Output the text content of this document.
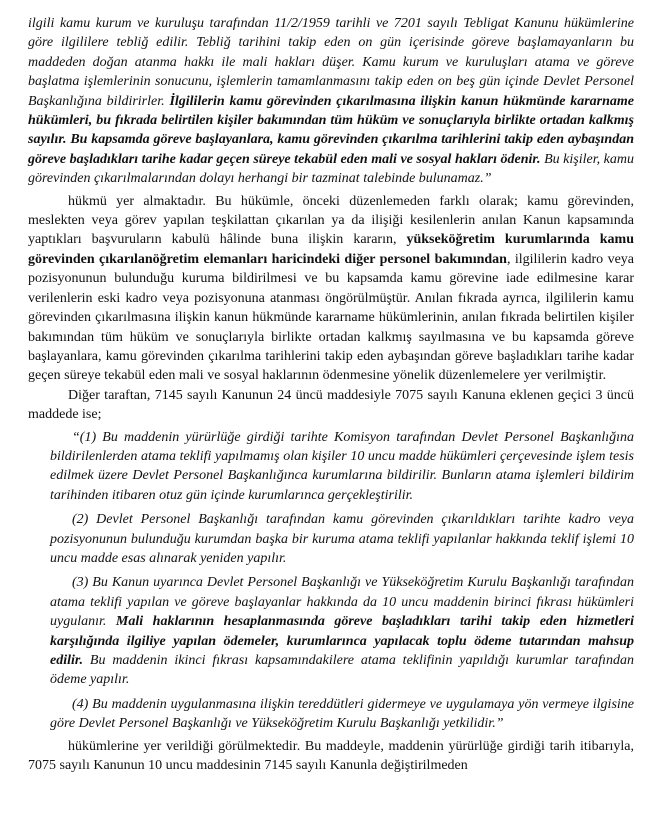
ilgili kamu kurum ve kuruluşu tarafından 11/2/1959 tarihli ve 7201 sayılı Tebligat Kanunu hükümlerine göre ilgililere tebliğ edilir. Tebliğ tarihini takip eden on gün içerisinde göreve başlamayanların bu maddeden doğan atanma hakkı ile mali hakları düşer. Kamu kurum ve kuruluşları atama ve göreve başlatma işlemlerinin sonucunu, işlemlerin tamamlanmasını takip eden on beş gün içinde Devlet Personel Başkanlığına bildirirler. İlgililerin kamu görevinden çıkarılmasına ilişkin kanun hükmünde kararname hükümleri, bu fıkrada belirtilen kişiler bakımından tüm hüküm ve sonuçlarıyla birlikte ortadan kalkmış sayılır. Bu kapsamda göreve başlayanlara, kamu görevinden çıkarılma tarihlerini takip eden aybaşından göreve başladıkları tarihe kadar geçen süreye tekabül eden mali ve sosyal hakları ödenir. Bu kişiler, kamu görevinden çıkarılmalarından dolayı herhangi bir tazminat talebinde bulunamaz.”

hükmü yer almaktadır. Bu hükümle, önceki düzenlemeden farklı olarak; kamu görevinden, meslekten veya görev yapılan teşkilattan çıkarılan ya da ilişiği kesilenlerin anılan Kanun kapsamında yaptıkları başvuruların kabulü hâlinde buna ilişkin kararın, yükseköğretim kurumlarında kamu görevinden çıkarılanöğretim elemanları haricindeki diğer personel bakımından, ilgililerin kadro veya pozisyonunun bulunduğu kuruma bildirilmesi ve bu kapsamda kamu görevine iade edilmesine karar verilenlerin eski kadro veya pozisyonuna atanması öngörülmüştür. Anılan fıkrada ayrıca, ilgililerin kamu görevinden çıkarılmasına ilişkin kanun hükmünde kararname hükümlerinin, anılan fıkrada belirtilen kişiler bakımından tüm hüküm ve sonuçlarıyla birlikte ortadan kalkmış sayılmasına ve bu kapsamda göreve başlayanlara, kamu görevinden çıkarılma tarihlerini takip eden aybaşından göreve başladıkları tarihe kadar geçen süreye tekabül eden mali ve sosyal haklarının ödenmesine yönelik düzenlemelere yer verilmiştir.

Diğer taraftan, 7145 sayılı Kanunun 24 üncü maddesiyle 7075 sayılı Kanuna eklenen geçici 3 üncü maddede ise;

“(1) Bu maddenin yürürlüğe girdiği tarihte Komisyon tarafından Devlet Personel Başkanlığına bildirilenlerden atama teklifi yapılmamış olan kişiler 10 uncu madde hükümleri çerçevesinde işlem tesis edilmek üzere Devlet Personel Başkanlığınca kurumlarına bildirilir. Bunların atama işlemleri bildirim tarihinden itibaren otuz gün içinde kurumlarınca gerçekleştirilir.

(2) Devlet Personel Başkanlığı tarafından kamu görevinden çıkarıldıkları tarihte kadro veya pozisyonunun bulunduğu kurumdan başka bir kuruma atama teklifi yapılanlar hakkında teklif işlemi 10 uncu madde esas alınarak yeniden yapılır.

(3) Bu Kanun uyarınca Devlet Personel Başkanlığı ve Yükseköğretim Kurulu Başkanlığı tarafından atama teklifi yapılan ve göreve başlayanlar hakkında da 10 uncu maddenin birinci fıkrası hükümleri uygulanır. Mali haklarının hesaplanmasında göreve başladıkları tarihi takip eden hizmetleri karşılığında ilgiliye yapılan ödemeler, kurumlarınca yapılacak toplu ödeme tutarından mahsup edilir. Bu maddenin ikinci fıkrası kapsamındakilere atama teklifinin yapıldığı kurumlar tarafından ödeme yapılır.

(4) Bu maddenin uygulanmasına ilişkin tereddütleri gidermeye ve uygulamaya yön vermeye ilgisine göre Devlet Personel Başkanlığı ve Yükseköğretim Kurulu Başkanlığı yetkilidir.”

hükümlerine yer verildiği görülmektedir. Bu maddeyle, maddenin yürürlüğe girdiği tarih itibarıyla, 7075 sayılı Kanunun 10 uncu maddesinin 7145 sayılı Kanunla değiştirilmeden
